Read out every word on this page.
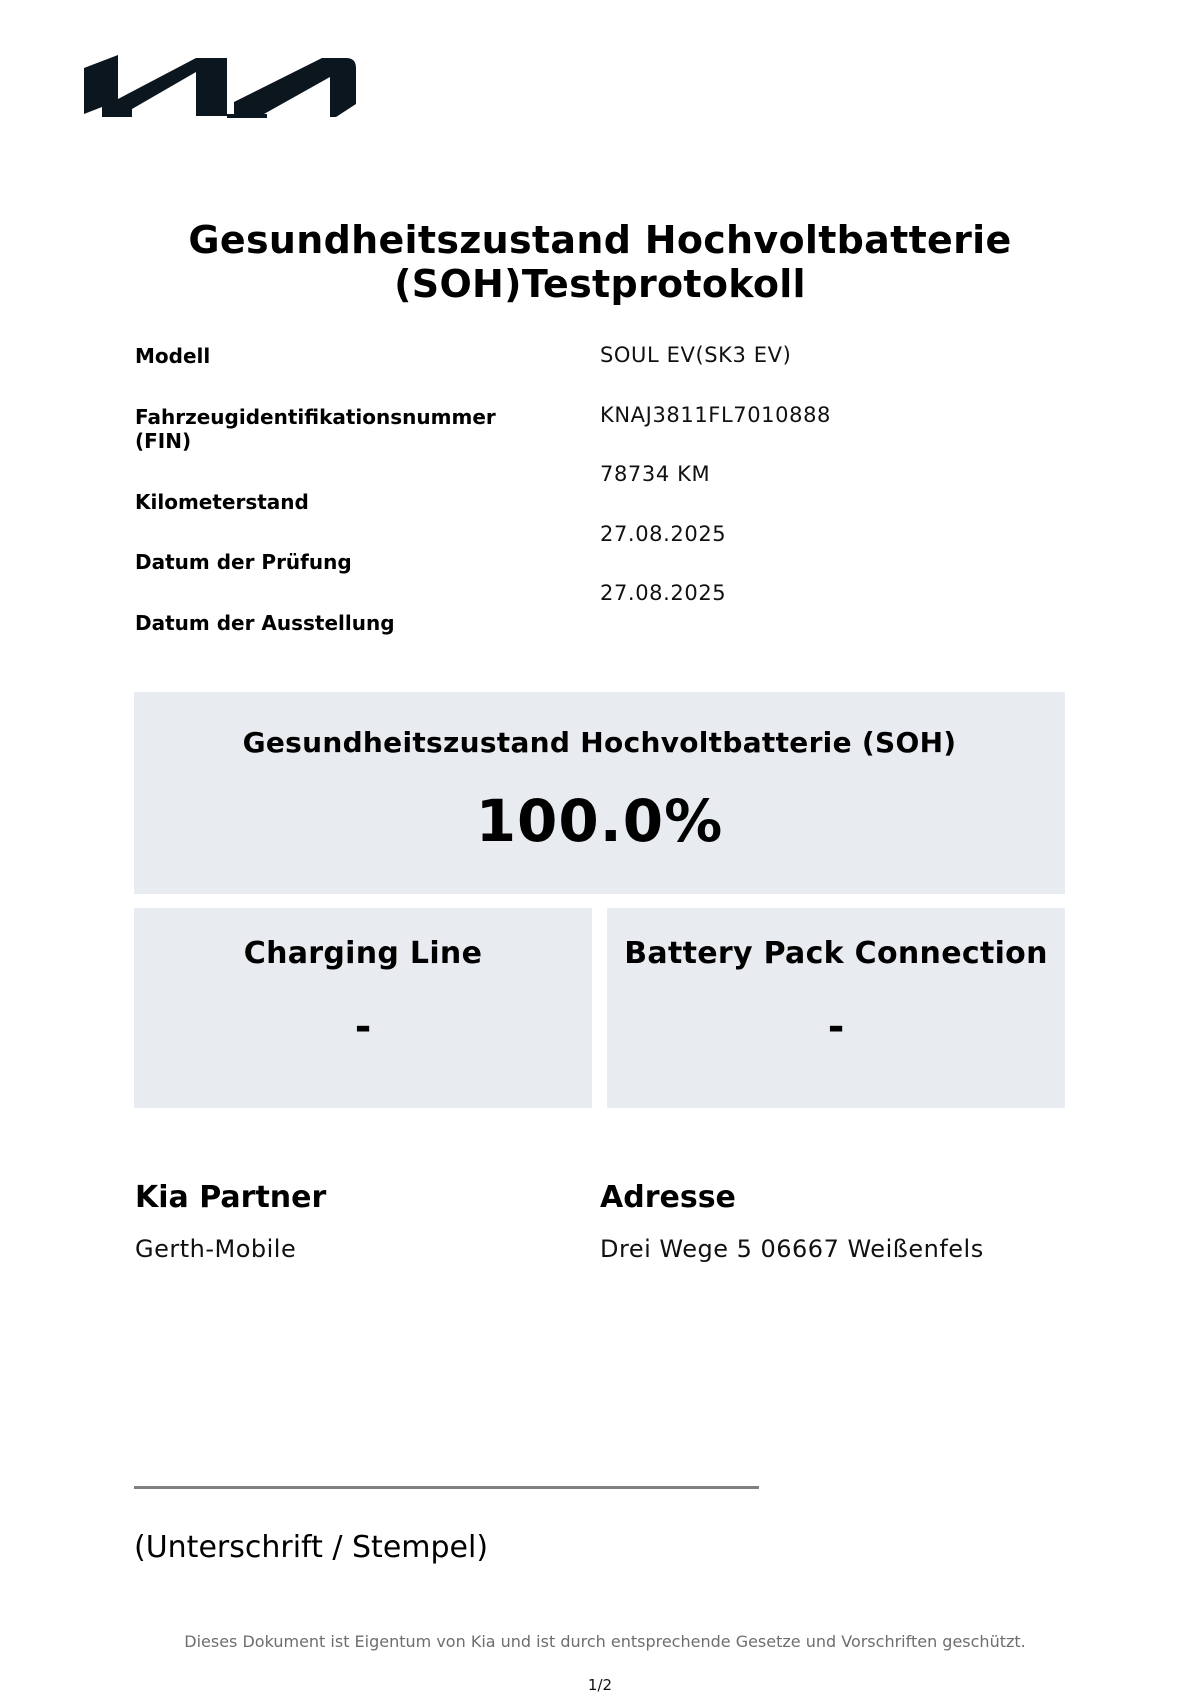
Gesundheitszustand Hochvoltbatterie
(SOH)Testprotokoll
Modell	SOUL EV(SK3 EV)
Fahrzeugidentifikationsnummer (FIN)
KNAJ3811FL7010888
Kilometerstand
78734 KM
Datum der Prüfung
27.08.2025
Datum der Ausstellung
27.08.2025
Gesundheitszustand Hochvoltbatterie (SOH)
100.0%
Charging Line
-
Battery Pack Connection
-
Kia Partner
Gerth-Mobile
Adresse
Drei Wege 5 06667 Weißenfels
(Unterschrift / Stempel)
Dieses Dokument ist Eigentum von Kia und ist durch entsprechende Gesetze und Vorschriften geschützt.
1/2
